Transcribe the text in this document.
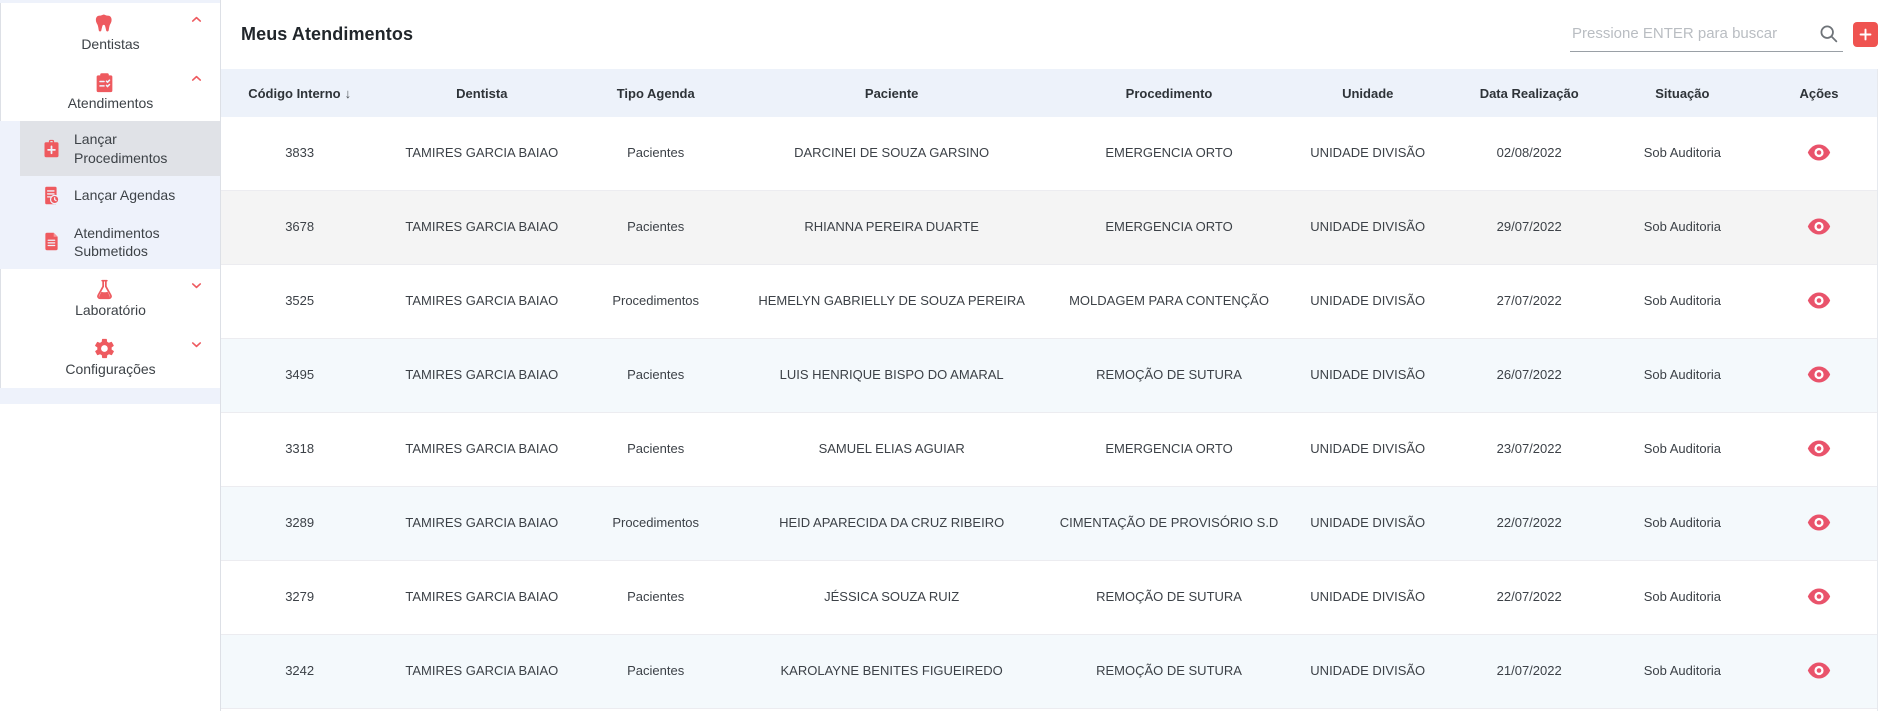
Dentistas
Atendimentos
Lançar Procedimentos
Lançar Agendas
Atendimentos Submetidos
Laboratório
Configurações
Meus Atendimentos
Pressione ENTER para buscar
Código Interno ↓	Dentista	Tipo Agenda	Paciente	Procedimento	Unidade	Data Realização	Situação	Ações
3833	TAMIRES GARCIA BAIAO	Pacientes	DARCINEI DE SOUZA GARSINO	EMERGENCIA ORTO	UNIDADE DIVISÃO	02/08/2022	Sob Auditoria
3678	TAMIRES GARCIA BAIAO	Pacientes	RHIANNA PEREIRA DUARTE	EMERGENCIA ORTO	UNIDADE DIVISÃO	29/07/2022	Sob Auditoria
3525	TAMIRES GARCIA BAIAO	Procedimentos	HEMELYN GABRIELLY DE SOUZA PEREIRA	MOLDAGEM PARA CONTENÇÃO	UNIDADE DIVISÃO	27/07/2022	Sob Auditoria
3495	TAMIRES GARCIA BAIAO	Pacientes	LUIS HENRIQUE BISPO DO AMARAL	REMOÇÃO DE SUTURA	UNIDADE DIVISÃO	26/07/2022	Sob Auditoria
3318	TAMIRES GARCIA BAIAO	Pacientes	SAMUEL ELIAS AGUIAR	EMERGENCIA ORTO	UNIDADE DIVISÃO	23/07/2022	Sob Auditoria
3289	TAMIRES GARCIA BAIAO	Procedimentos	HEID APARECIDA DA CRUZ RIBEIRO	CIMENTAÇÃO DE PROVISÓRIO S.D	UNIDADE DIVISÃO	22/07/2022	Sob Auditoria
3279	TAMIRES GARCIA BAIAO	Pacientes	JÉSSICA SOUZA RUIZ	REMOÇÃO DE SUTURA	UNIDADE DIVISÃO	22/07/2022	Sob Auditoria
3242	TAMIRES GARCIA BAIAO	Pacientes	KAROLAYNE BENITES FIGUEIREDO	REMOÇÃO DE SUTURA	UNIDADE DIVISÃO	21/07/2022	Sob Auditoria
